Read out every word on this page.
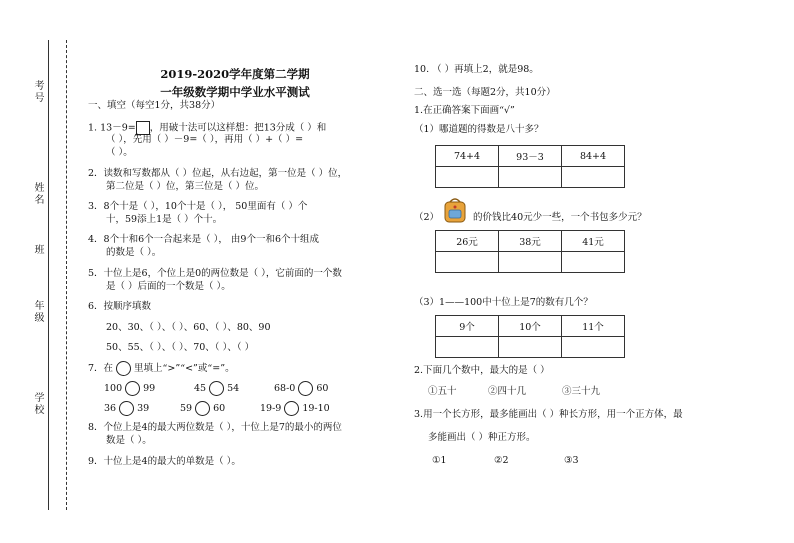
考号
姓名
班
年级
学校
2019-2020学年度第二学期
一年级数学期中学业水平测试
一、填空（每空1分，共38分）
1. 13－9= ，用破十法可以这样想：把13分成（ ）和
（ ），先用（ ）－9=（ ），再用（ ）+（ ）=
（ ）。
2．读数和写数都从（ ）位起，从右边起，第一位是（ ）位，
第二位是（ ）位，第三位是（ ）位。
3．8个十是（ ），10个十是（ ）， 50里面有（ ）个
十，59添上1是（ ）个十。
4．8个十和6个一合起来是（ ）， 由9个一和6个十组成
的数是（ ）。
5．十位上是6，个位上是0的两位数是（ ），它前面的一个数
是（ ）后面的一个数是（ ）。
6．按顺序填数
20、30、（ ）、（ ）、60、（ ）、80、90
50、55、（ ）、（ ）、70、（ ）、（ ）
7．在 里填上“>”“<”或“=”。
100 99	45 54	68-0 60
36 39	59 60	19-9 19-10
8．个位上是4的最大两位数是（ ），十位上是7的最小的两位
数是（ ）。
9．十位上是4的最大的单数是（ ）。
10. （ ）再填上2，就是98。
二、选一选（每题2分，共10分）
1.在正确答案下面画“√”
（1）哪道题的得数是八十多？
74+4	93－3	84+4

（2）	的价钱比40元少一些，一个书包多少元？
26元	38元	41元

（3）1——100中十位上是7的数有几个？
9个	10个	11个

2.下面几个数中，最大的是（ ）
①五十	②四十几	③三十九
3.用一个长方形，最多能画出（ ）种长方形，用一个正方体，最
多能画出（ ）种正方形。
①1	②2	③3
